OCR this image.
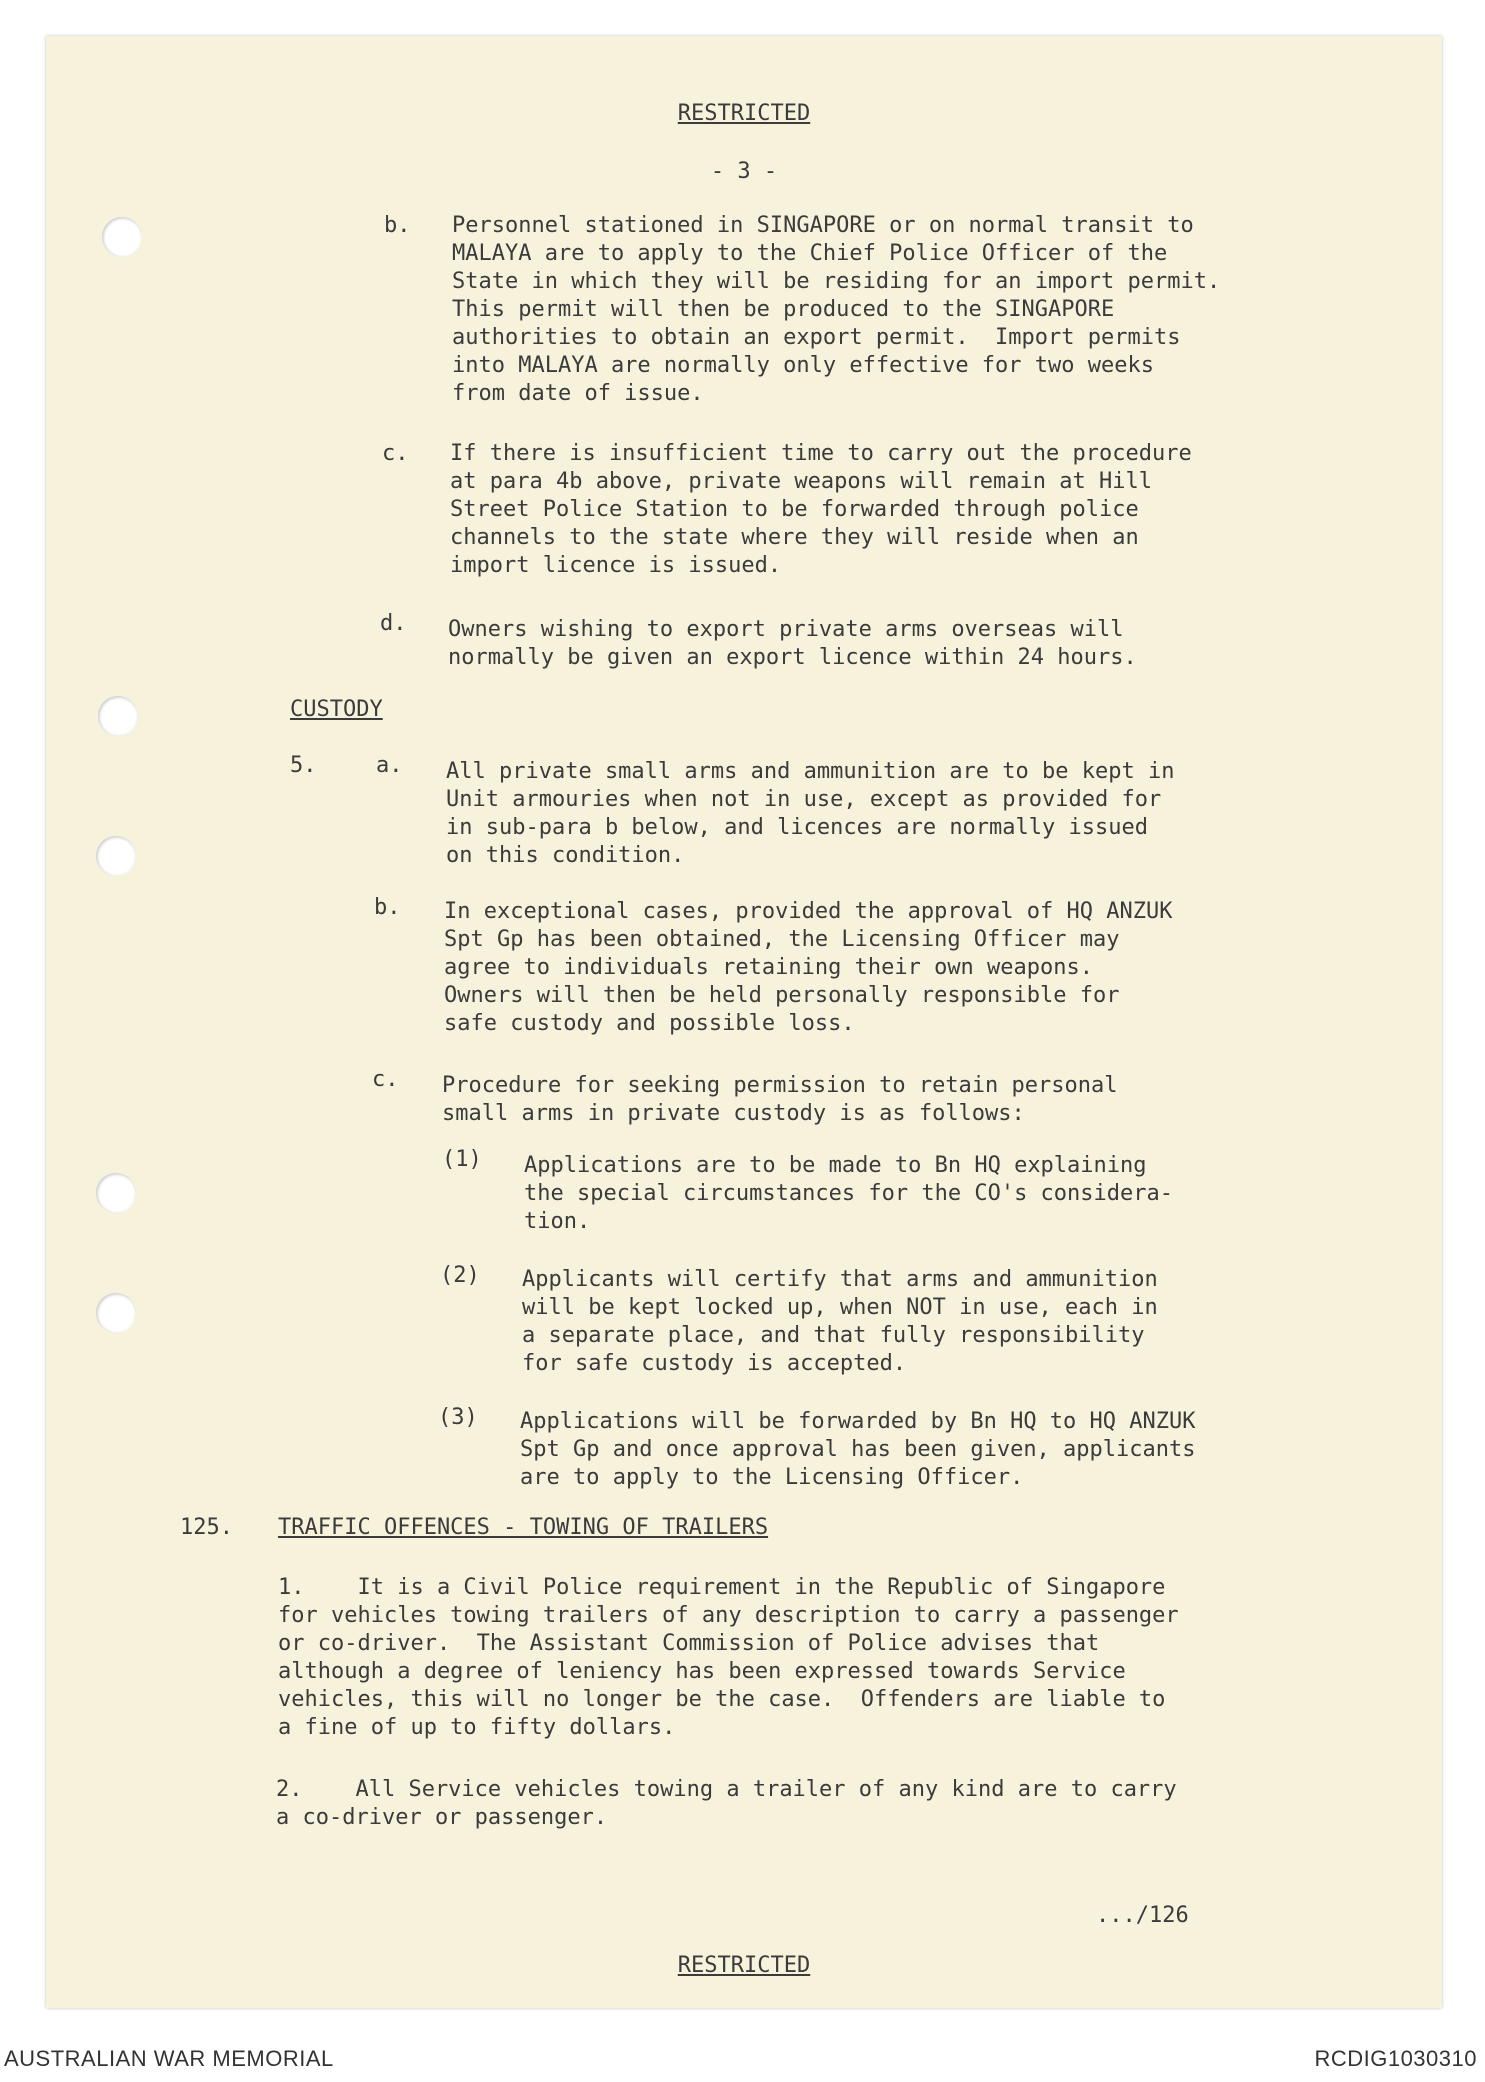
RESTRICTED
- 3 -
b. Personnel stationed in SINGAPORE or on normal transit to
MALAYA are to apply to the Chief Police Officer of the
State in which they will be residing for an import permit.
This permit will then be produced to the SINGAPORE
authorities to obtain an export permit.  Import permits
into MALAYA are normally only effective for two weeks
from date of issue.
c. If there is insufficient time to carry out the procedure
at para 4b above, private weapons will remain at Hill
Street Police Station to be forwarded through police
channels to the state where they will reside when an
import licence is issued.
d. Owners wishing to export private arms overseas will
normally be given an export licence within 24 hours.
CUSTODY
5.	a. All private small arms and ammunition are to be kept in
Unit armouries when not in use, except as provided for
in sub-para b below, and licences are normally issued
on this condition.
b. In exceptional cases, provided the approval of HQ ANZUK
Spt Gp has been obtained, the Licensing Officer may
agree to individuals retaining their own weapons.
Owners will then be held personally responsible for
safe custody and possible loss.
c. Procedure for seeking permission to retain personal
small arms in private custody is as follows:
(1) Applications are to be made to Bn HQ explaining
the special circumstances for the CO's considera-
tion.
(2) Applicants will certify that arms and ammunition
will be kept locked up, when NOT in use, each in
a separate place, and that fully responsibility
for safe custody is accepted.
(3) Applications will be forwarded by Bn HQ to HQ ANZUK
Spt Gp and once approval has been given, applicants
are to apply to the Licensing Officer.
125. TRAFFIC OFFENCES - TOWING OF TRAILERS
1.    It is a Civil Police requirement in the Republic of Singapore
for vehicles towing trailers of any description to carry a passenger
or co-driver.  The Assistant Commission of Police advises that
although a degree of leniency has been expressed towards Service
vehicles, this will no longer be the case.  Offenders are liable to
a fine of up to fifty dollars.
2.    All Service vehicles towing a trailer of any kind are to carry
a co-driver or passenger.
.../126
RESTRICTED
AUSTRALIAN WAR MEMORIAL	RCDIG1030310
